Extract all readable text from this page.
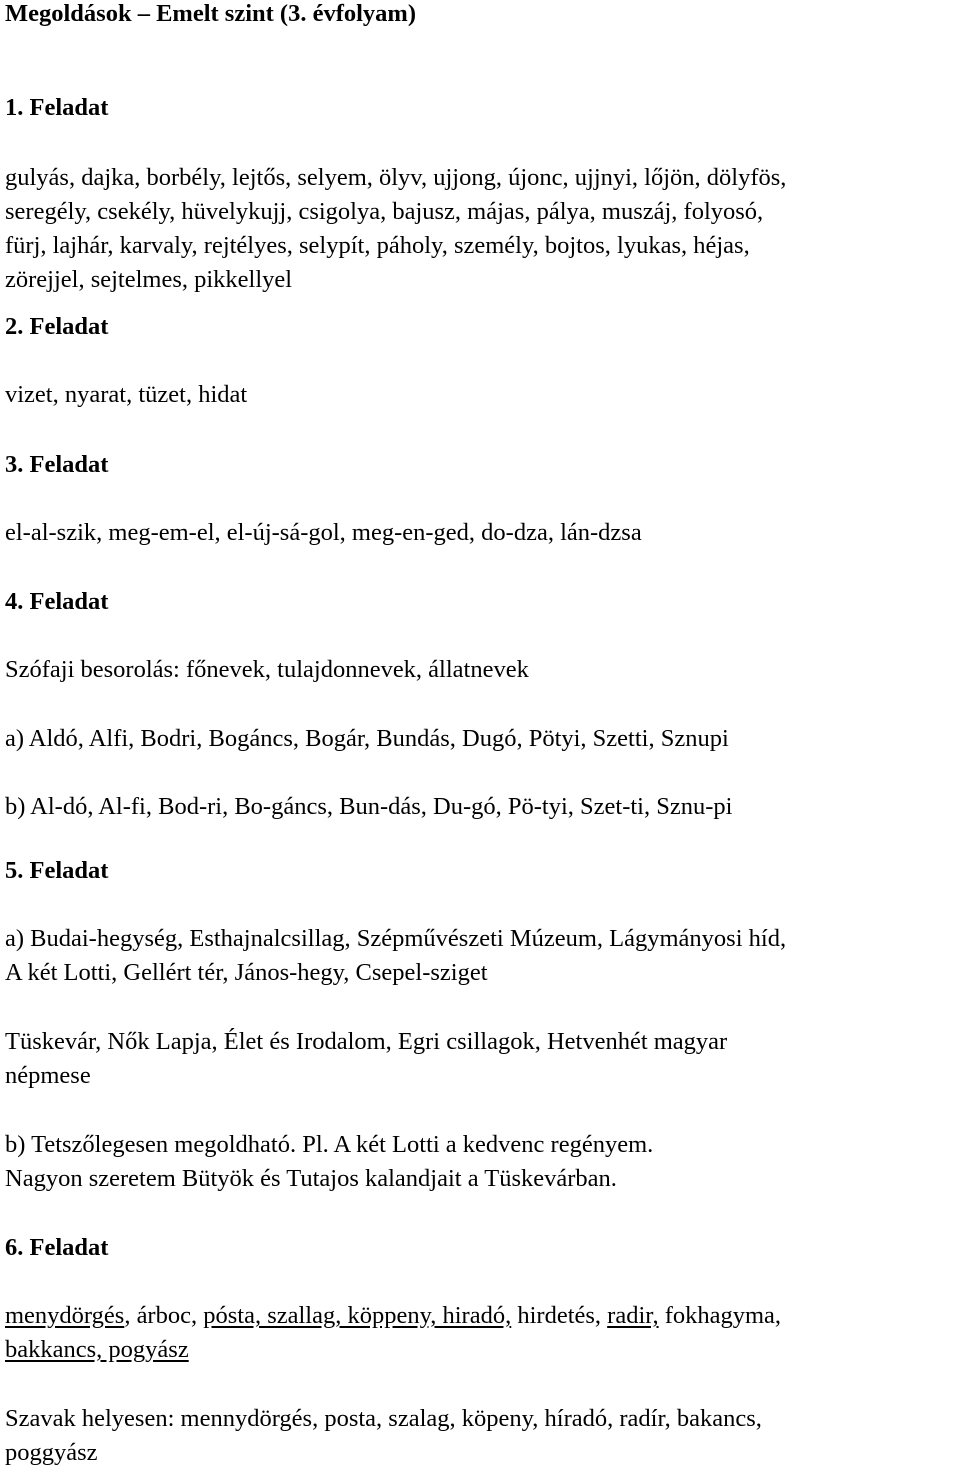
Megoldások – Emelt szint (3. évfolyam)
1. Feladat
gulyás, dajka, borbély, lejtős, selyem, ölyv, ujjong, újonc, ujjnyi, lőjön, dölyfös,
seregély, csekély, hüvelykujj, csigolya, bajusz, májas, pálya, muszáj, folyosó,
fürj, lajhár, karvaly, rejtélyes, selypít, páholy, személy, bojtos, lyukas, héjas,
zörejjel, sejtelmes, pikkellyel
2. Feladat
vizet, nyarat, tüzet, hidat
3. Feladat
el-al-szik, meg-em-el, el-új-sá-gol, meg-en-ged, do-dza, lán-dzsa
4. Feladat
Szófaji besorolás: főnevek, tulajdonnevek, állatnevek
a) Aldó, Alfi, Bodri, Bogáncs, Bogár, Bundás, Dugó, Pötyi, Szetti, Sznupi
b) Al-dó, Al-fi, Bod-ri, Bo-gáncs, Bun-dás, Du-gó, Pö-tyi, Szet-ti, Sznu-pi
5. Feladat
a) Budai-hegység, Esthajnalcsillag, Szépművészeti Múzeum, Lágymányosi híd,
A két Lotti, Gellért tér, János-hegy, Csepel-sziget
Tüskevár, Nők Lapja, Élet és Irodalom, Egri csillagok, Hetvenhét magyar
népmese
b) Tetszőlegesen megoldható. Pl. A két Lotti a kedvenc regényem.
Nagyon szeretem Bütyök és Tutajos kalandjait a Tüskevárban.
6. Feladat
menydörgés, árboc, pósta, szallag, köppeny, hiradó, hirdetés, radir, fokhagyma,
bakkancs, pogyász
Szavak helyesen: mennydörgés, posta, szalag, köpeny, híradó, radír, bakancs,
poggyász
